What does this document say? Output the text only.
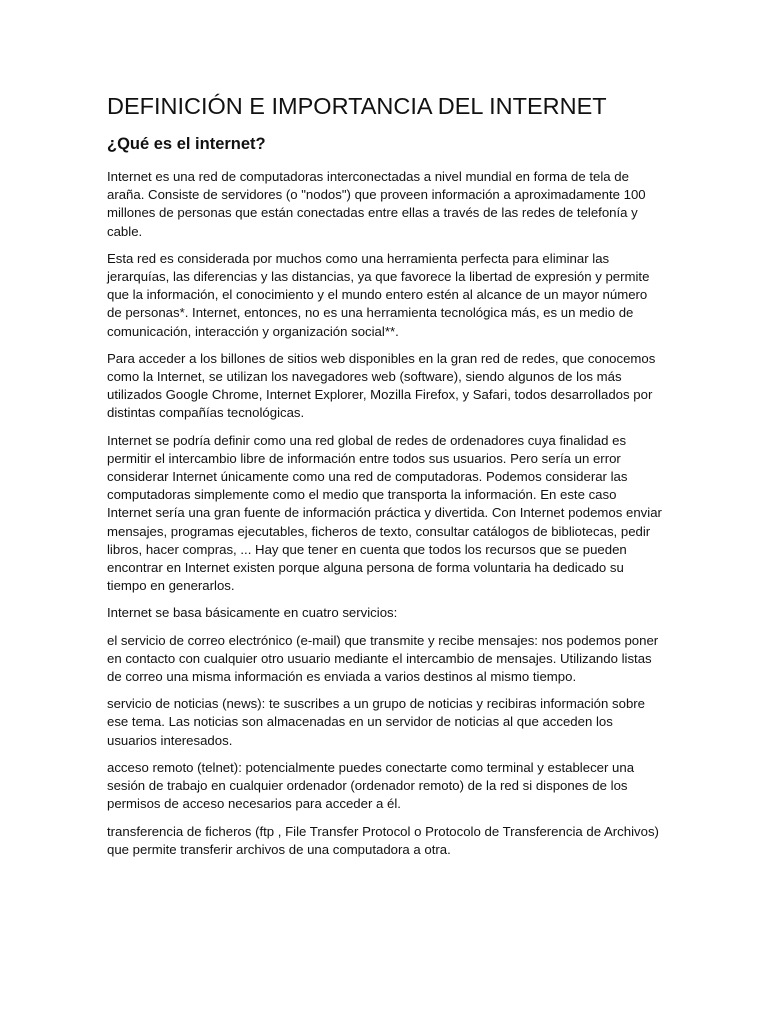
DEFINICIÓN E IMPORTANCIA DEL INTERNET
¿Qué es el internet?

Internet es una red de computadoras interconectadas a nivel mundial en forma de tela de araña. Consiste de servidores (o "nodos") que proveen información a aproximadamente 100 millones de personas que están conectadas entre ellas a través de las redes de telefonía y cable.

Esta red es considerada por muchos como una herramienta perfecta para eliminar las jerarquías, las diferencias y las distancias, ya que favorece la libertad de expresión y permite que la información, el conocimiento y el mundo entero estén al alcance de un mayor número de personas*. Internet, entonces, no es una herramienta tecnológica más, es un medio de comunicación, interacción y organización social**.

Para acceder a los billones de sitios web disponibles en la gran red de redes, que conocemos como la Internet, se utilizan los navegadores web (software), siendo algunos de los más utilizados Google Chrome, Internet Explorer, Mozilla Firefox, y Safari, todos desarrollados por distintas compañías tecnológicas.

Internet se podría definir como una red global de redes de ordenadores cuya finalidad es permitir el intercambio libre de información entre todos sus usuarios. Pero sería un error considerar Internet únicamente como una red de computadoras. Podemos considerar las computadoras simplemente como el medio que transporta la información. En este caso Internet sería una gran fuente de información práctica y divertida. Con Internet podemos enviar mensajes, programas ejecutables, ficheros de texto, consultar catálogos de bibliotecas, pedir libros, hacer compras, ... Hay que tener en cuenta que todos los recursos que se pueden encontrar en Internet existen porque alguna persona de forma voluntaria ha dedicado su tiempo en generarlos.

Internet se basa básicamente en cuatro servicios:

el servicio de correo electrónico (e-mail) que transmite y recibe mensajes: nos podemos poner en contacto con cualquier otro usuario mediante el intercambio de mensajes. Utilizando listas de correo una misma información es enviada a varios destinos al mismo tiempo.

servicio de noticias (news): te suscribes a un grupo de noticias y recibiras información sobre ese tema. Las noticias son almacenadas en un servidor de noticias al que acceden los usuarios interesados.

acceso remoto (telnet): potencialmente puedes conectarte como terminal y establecer una sesión de trabajo en cualquier ordenador (ordenador remoto) de la red si dispones de los permisos de acceso necesarios para acceder a él.

transferencia de ficheros (ftp , File Transfer Protocol o Protocolo de Transferencia de Archivos) que permite transferir archivos de una computadora a otra.
